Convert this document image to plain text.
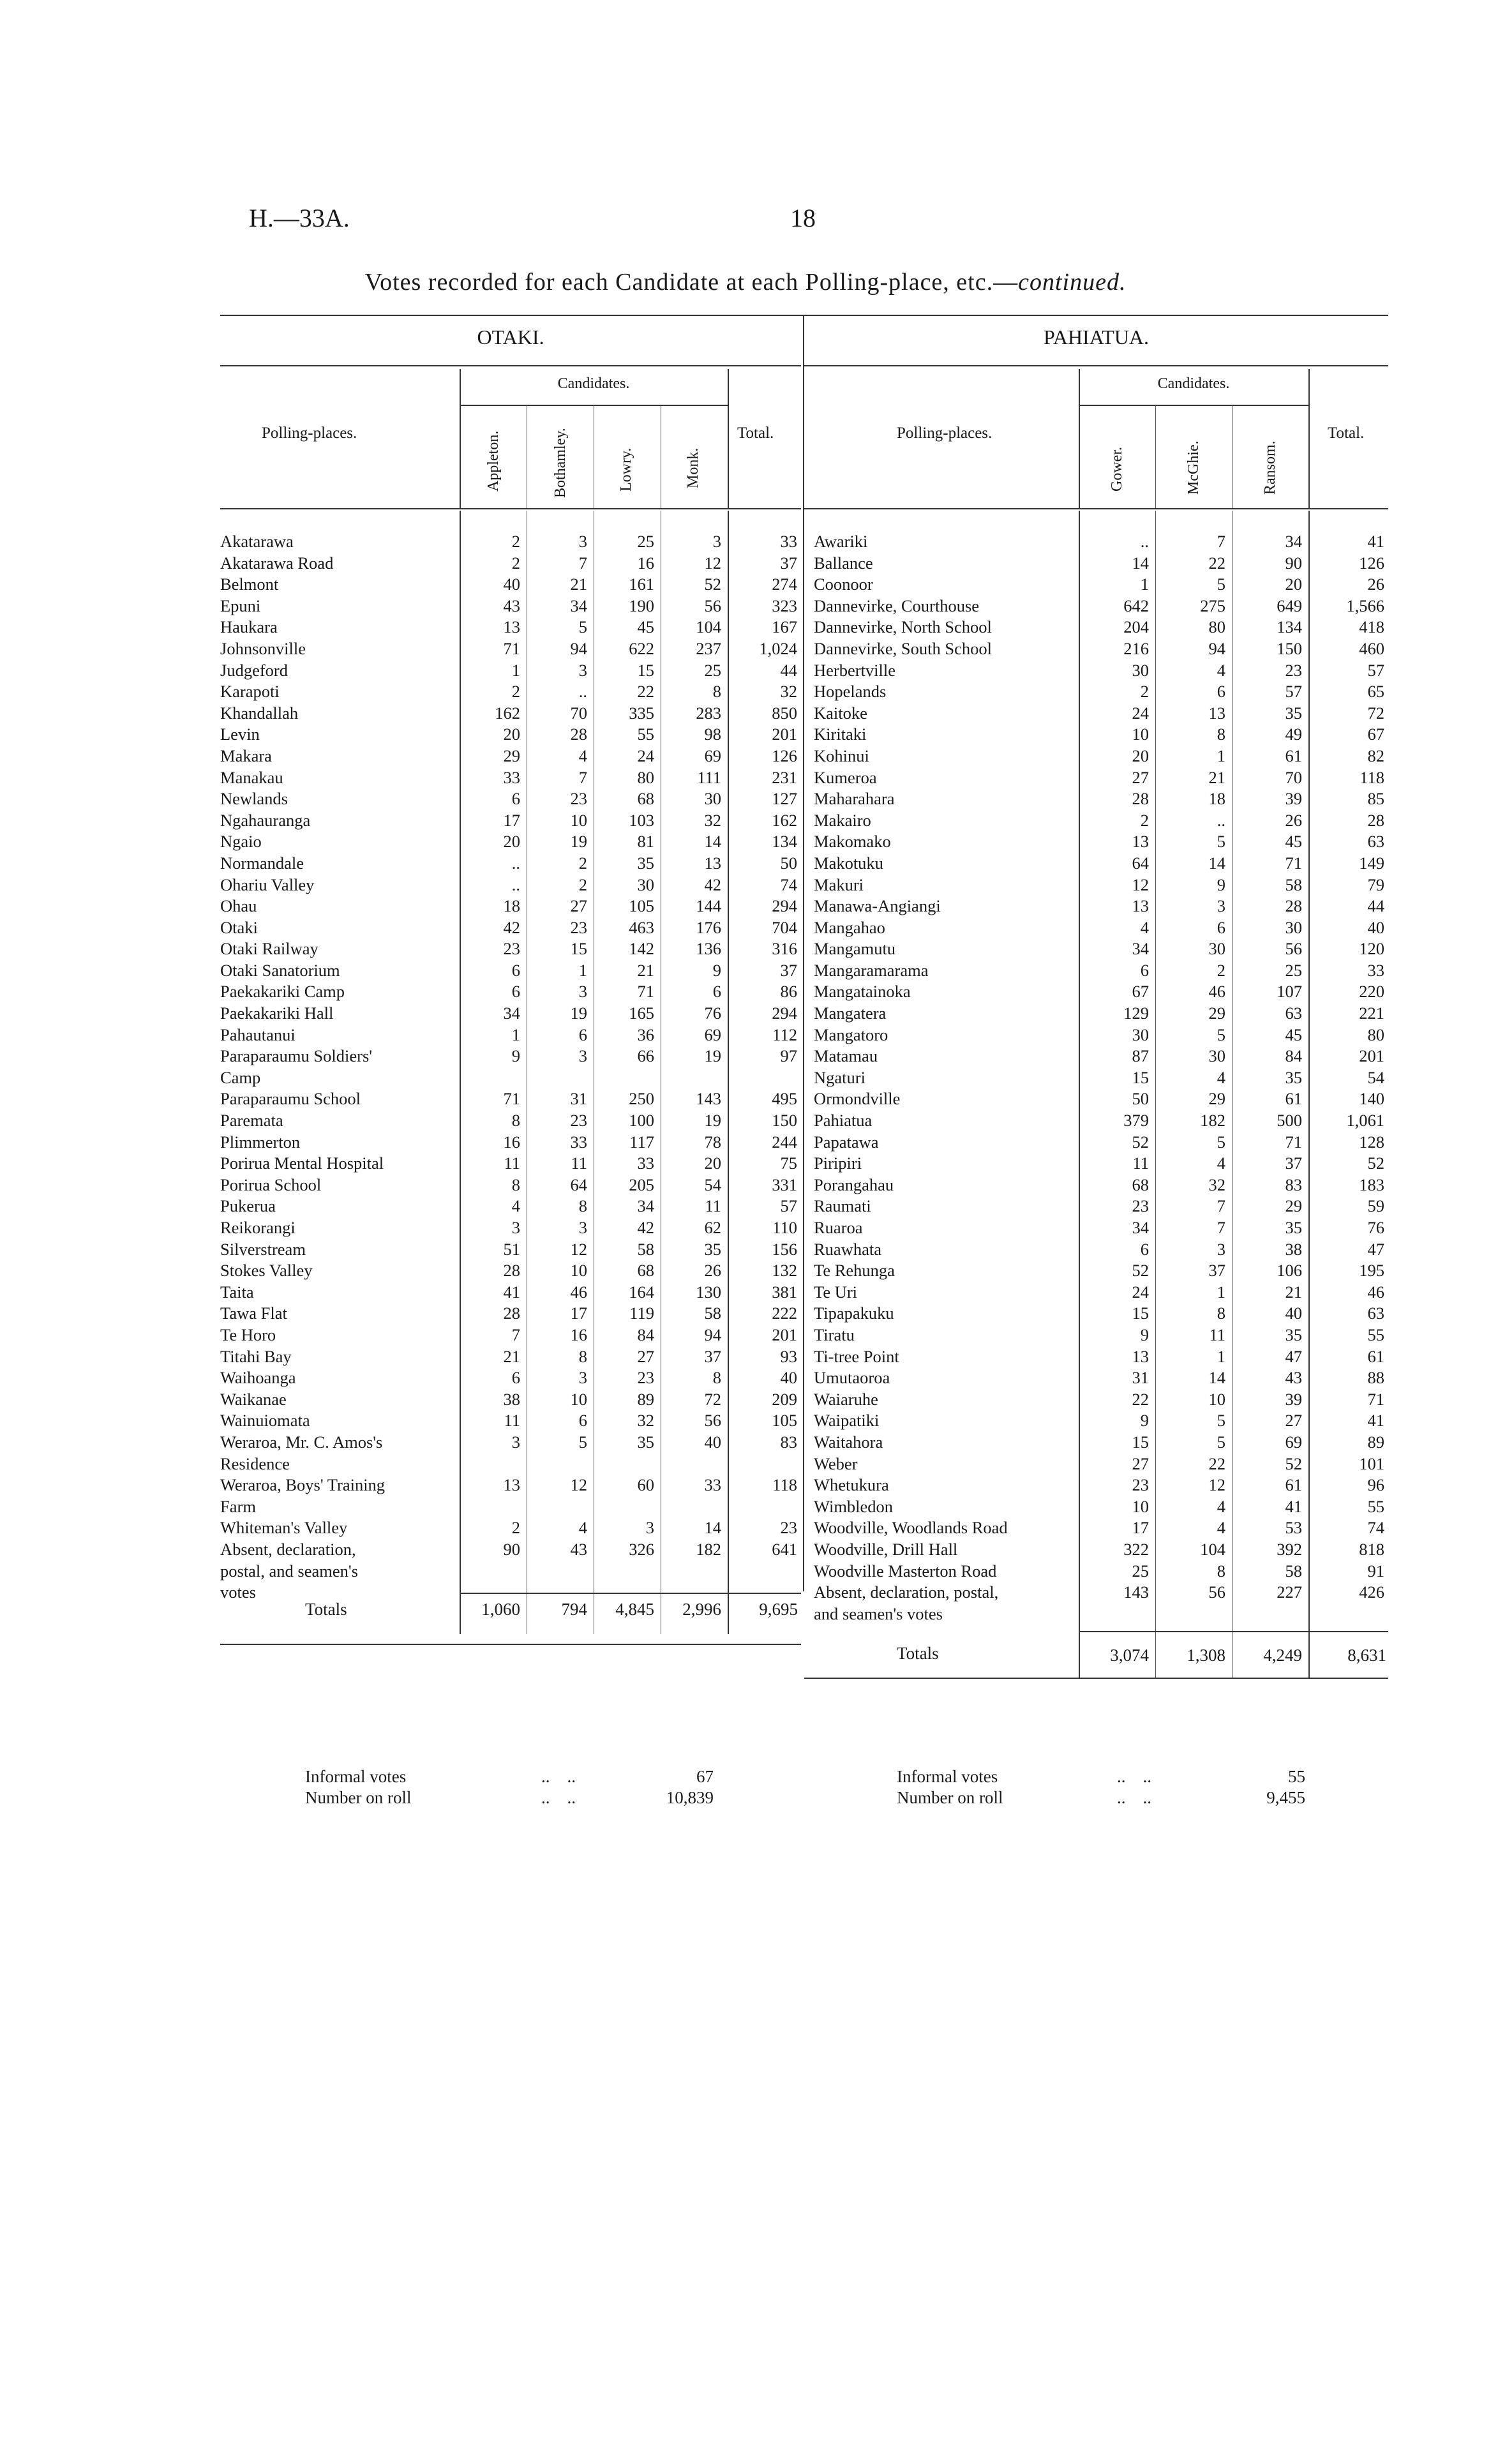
H.—33A.	18
Votes recorded for each Candidate at each Polling-place, etc.—continued.
OTAKI.
Candidates.
Polling-places.	Total.
Appleton.	Bothamley.	Lowry.	Monk.
PAHIATUA.
Candidates.
Polling-places.	Total.
Gower.	McGhie.	Ransom.
Akatarawa	2	3	25	3	33
Akatarawa Road	2	7	16	12	37
Belmont	40	21	161	52	274
Epuni	43	34	190	56	323
Haukara	13	5	45	104	167
Johnsonville	71	94	622	237	1,024
Judgeford	1	3	15	25	44
Karapoti	2	..	22	8	32
Khandallah	162	70	335	283	850
Levin	20	28	55	98	201
Makara	29	4	24	69	126
Manakau	33	7	80	111	231
Newlands	6	23	68	30	127
Ngahauranga	17	10	103	32	162
Ngaio	20	19	81	14	134
Normandale	..	2	35	13	50
Ohariu Valley	..	2	30	42	74
Ohau	18	27	105	144	294
Otaki	42	23	463	176	704
Otaki Railway	23	15	142	136	316
Otaki Sanatorium	6	1	21	9	37
Paekakariki Camp	6	3	71	6	86
Paekakariki Hall	34	19	165	76	294
Pahautanui	1	6	36	69	112
Paraparaumu Soldiers'	9	3	66	19	97
Camp					
Paraparaumu School	71	31	250	143	495
Paremata	8	23	100	19	150
Plimmerton	16	33	117	78	244
Porirua Mental Hospital	11	11	33	20	75
Porirua School	8	64	205	54	331
Pukerua	4	8	34	11	57
Reikorangi	3	3	42	62	110
Silverstream	51	12	58	35	156
Stokes Valley	28	10	68	26	132
Taita	41	46	164	130	381
Tawa Flat	28	17	119	58	222
Te Horo	7	16	84	94	201
Titahi Bay	21	8	27	37	93
Waihoanga	6	3	23	8	40
Waikanae	38	10	89	72	209
Wainuiomata	11	6	32	56	105
Weraroa, Mr. C. Amos's	3	5	35	40	83
Residence					
Weraroa, Boys' Training	13	12	60	33	118
Farm					
Whiteman's Valley	2	4	3	14	23
Absent, declaration,	90	43	326	182	641
postal, and seamen's					
votes					
Awariki	..	7	34	41
Ballance	14	22	90	126
Coonoor	1	5	20	26
Dannevirke, Courthouse	642	275	649	1,566
Dannevirke, North School	204	80	134	418
Dannevirke, South School	216	94	150	460
Herbertville	30	4	23	57
Hopelands	2	6	57	65
Kaitoke	24	13	35	72
Kiritaki	10	8	49	67
Kohinui	20	1	61	82
Kumeroa	27	21	70	118
Maharahara	28	18	39	85
Makairo	2	..	26	28
Makomako	13	5	45	63
Makotuku	64	14	71	149
Makuri	12	9	58	79
Manawa-Angiangi	13	3	28	44
Mangahao	4	6	30	40
Mangamutu	34	30	56	120
Mangaramarama	6	2	25	33
Mangatainoka	67	46	107	220
Mangatera	129	29	63	221
Mangatoro	30	5	45	80
Matamau	87	30	84	201
Ngaturi	15	4	35	54
Ormondville	50	29	61	140
Pahiatua	379	182	500	1,061
Papatawa	52	5	71	128
Piripiri	11	4	37	52
Porangahau	68	32	83	183
Raumati	23	7	29	59
Ruaroa	34	7	35	76
Ruawhata	6	3	38	47
Te Rehunga	52	37	106	195
Te Uri	24	1	21	46
Tipapakuku	15	8	40	63
Tiratu	9	11	35	55
Ti-tree Point	13	1	47	61
Umutaoroa	31	14	43	88
Waiaruhe	22	10	39	71
Waipatiki	9	5	27	41
Waitahora	15	5	69	89
Weber	27	22	52	101
Whetukura	23	12	61	96
Wimbledon	10	4	41	55
Woodville, Woodlands Road	17	4	53	74
Woodville, Drill Hall	322	104	392	818
Woodville Masterton Road	25	8	58	91
Absent, declaration, postal,	143	56	227	426
and seamen's votes				
Totals	1,060	794	4,845	2,996	9,695
Totals	3,074	1,308	4,249	8,631
Informal votes	..    ..	67
Number on roll	..    ..	10,839
Informal votes	..    ..	55
Number on roll	..    ..	9,455
